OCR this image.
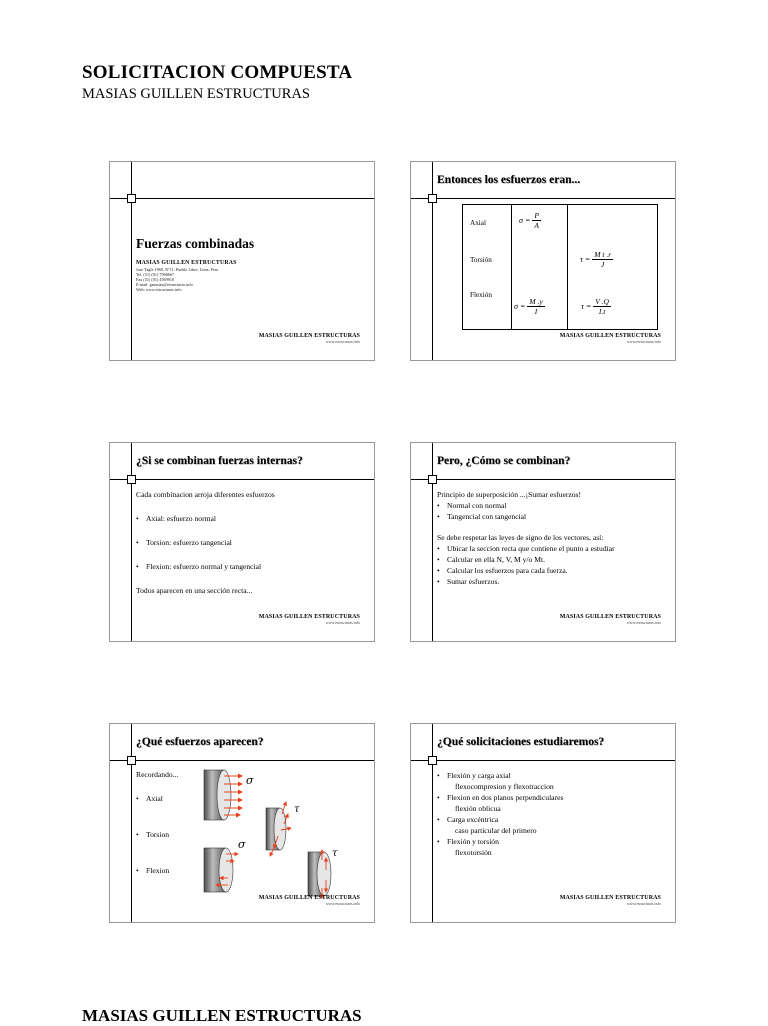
SOLICITACION COMPUESTA
MASIAS GUILLEN ESTRUCTURAS
Fuerzas combinadas
MASIAS GUILLEN ESTRUCTURAS
Jose Tagle 1968, N°11, Pueblo Libre, Lima, Peru
Tel. (51) (01) 7968667
Fax (51) (01) 4569910
E-mail: gmasias@estructuras.info
Web: www.estructuras.info
MASIAS GUILLEN ESTRUCTURAS
www.estructuras.info
Entonces los esfuerzos eran...
Axial
Torsión
Flexión
$\sigma = \frac{P}{A}$
$\tau = \frac{\text{M t .r}}{J}$
$\sigma = \frac{M .y}{I}$	$\tau = \frac{V .Q}{I.t}$
MASIAS GUILLEN ESTRUCTURAS
www.estructuras.info
¿Si se combinan fuerzas internas?

Cada combinacion arroja diferentes esfuerzos

• Axial: esfuerzo normal

• Torsion: esfuerzo tangencial

• Flexion: esfuerzo normal y tangencial

Todos aparecen en una sección recta...

MASIAS GUILLEN ESTRUCTURAS
www.estructuras.info
Pero, ¿Cómo se combinan?

Principio de superposición ...¡Sumar esfuerzos!

• Normal con normal

• Tangencial con tangencial

Se debe respetar las leyes de signo de los vectores, así:

• Ubicar la seccion recta que contiene el punto a estudiar

• Calcular en ella N, V, M y/o Mt.

• Calcular los esfuerzos para cada fuerza.

• Sumar esfuerzos.

MASIAS GUILLEN ESTRUCTURAS
www.estructuras.info
¿Qué esfuerzos aparecen?

Recordando...

• Axial

• Torsion

• Flexion

σ
τ
σ
τ
MASIAS GUILLEN ESTRUCTURAS
www.estructuras.info
¿Qué solicitaciones estudiaremos?

• Flexión y carga axial

flexocompresion y flexotraccion

• Flexion en dos planos perpendiculares

flexión oblicua

• Carga excéntrica

caso particular del primero

• Flexión y torsión

flexotorsión

MASIAS GUILLEN ESTRUCTURAS
www.estructuras.info
MASIAS GUILLEN ESTRUCTURAS
